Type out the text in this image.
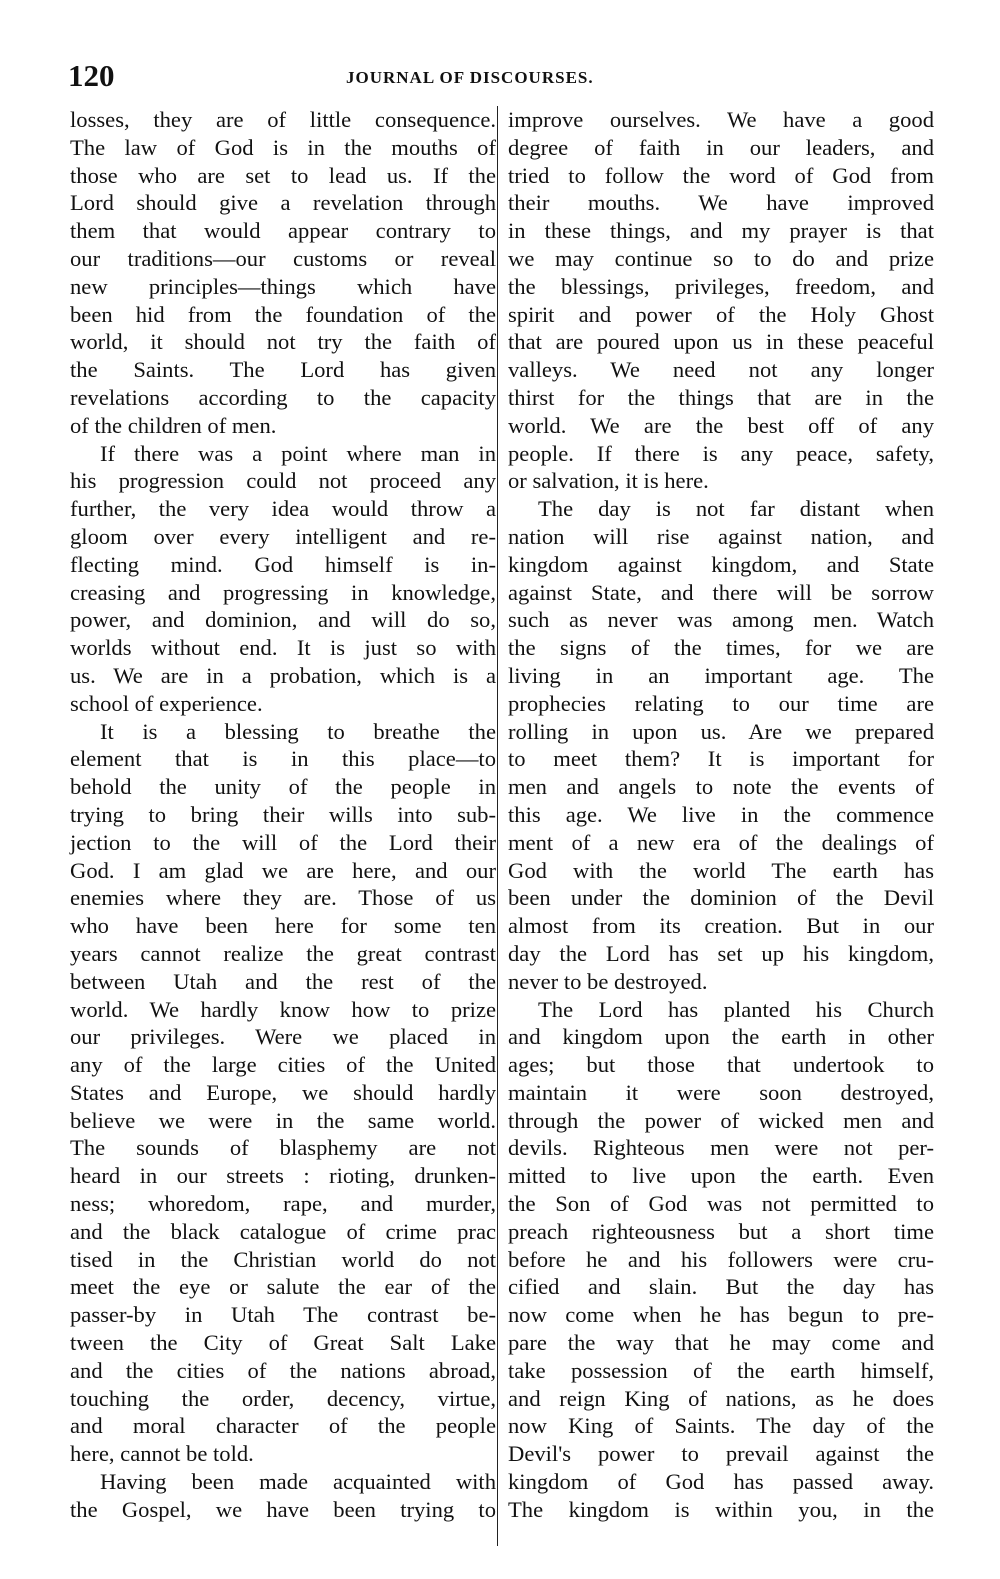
120	JOURNAL OF DISCOURSES.
losses, they are of little consequence.
The law of God is in the mouths of
those who are set to lead us. If the
Lord should give a revelation through
them that would appear contrary to
our traditions—our customs or reveal
new principles—things which have
been hid from the foundation of the
world, it should not try the faith of
the Saints. The Lord has given
revelations according to the capacity
of the children of men.
If there was a point where man in
his progression could not proceed any
further, the very idea would throw a
gloom over every intelligent and re-
flecting mind. God himself is in-
creasing and progressing in knowledge,
power, and dominion, and will do so,
worlds without end. It is just so with
us. We are in a probation, which is a
school of experience.
It is a blessing to breathe the
element that is in this place—to
behold the unity of the people in
trying to bring their wills into sub-
jection to the will of the Lord their
God. I am glad we are here, and our
enemies where they are. Those of us
who have been here for some ten
years cannot realize the great contrast
between Utah and the rest of the
world. We hardly know how to prize
our privileges. Were we placed in
any of the large cities of the United
States and Europe, we should hardly
believe we were in the same world.
The sounds of blasphemy are not
heard in our streets : rioting, drunken-
ness; whoredom, rape, and murder,
and the black catalogue of crime prac
tised in the Christian world do not
meet the eye or salute the ear of the
passer-by in Utah The contrast be-
tween the City of Great Salt Lake
and the cities of the nations abroad,
touching the order, decency, virtue,
and moral character of the people
here, cannot be told.
Having been made acquainted with
the Gospel, we have been trying to
improve ourselves. We have a good
degree of faith in our leaders, and
tried to follow the word of God from
their mouths. We have improved
in these things, and my prayer is that
we may continue so to do and prize
the blessings, privileges, freedom, and
spirit and power of the Holy Ghost
that are poured upon us in these peaceful
valleys. We need not any longer
thirst for the things that are in the
world. We are the best off of any
people. If there is any peace, safety,
or salvation, it is here.
The day is not far distant when
nation will rise against nation, and
kingdom against kingdom, and State
against State, and there will be sorrow
such as never was among men. Watch
the signs of the times, for we are
living in an important age. The
prophecies relating to our time are
rolling in upon us. Are we prepared
to meet them? It is important for
men and angels to note the events of
this age. We live in the commence
ment of a new era of the dealings of
God with the world The earth has
been under the dominion of the Devil
almost from its creation. But in our
day the Lord has set up his kingdom,
never to be destroyed.
The Lord has planted his Church
and kingdom upon the earth in other
ages; but those that undertook to
maintain it were soon destroyed,
through the power of wicked men and
devils. Righteous men were not per-
mitted to live upon the earth. Even
the Son of God was not permitted to
preach righteousness but a short time
before he and his followers were cru-
cified and slain. But the day has
now come when he has begun to pre-
pare the way that he may come and
take possession of the earth himself,
and reign King of nations, as he does
now King of Saints. The day of the
Devil's power to prevail against the
kingdom of God has passed away.
The kingdom is within you, in the
